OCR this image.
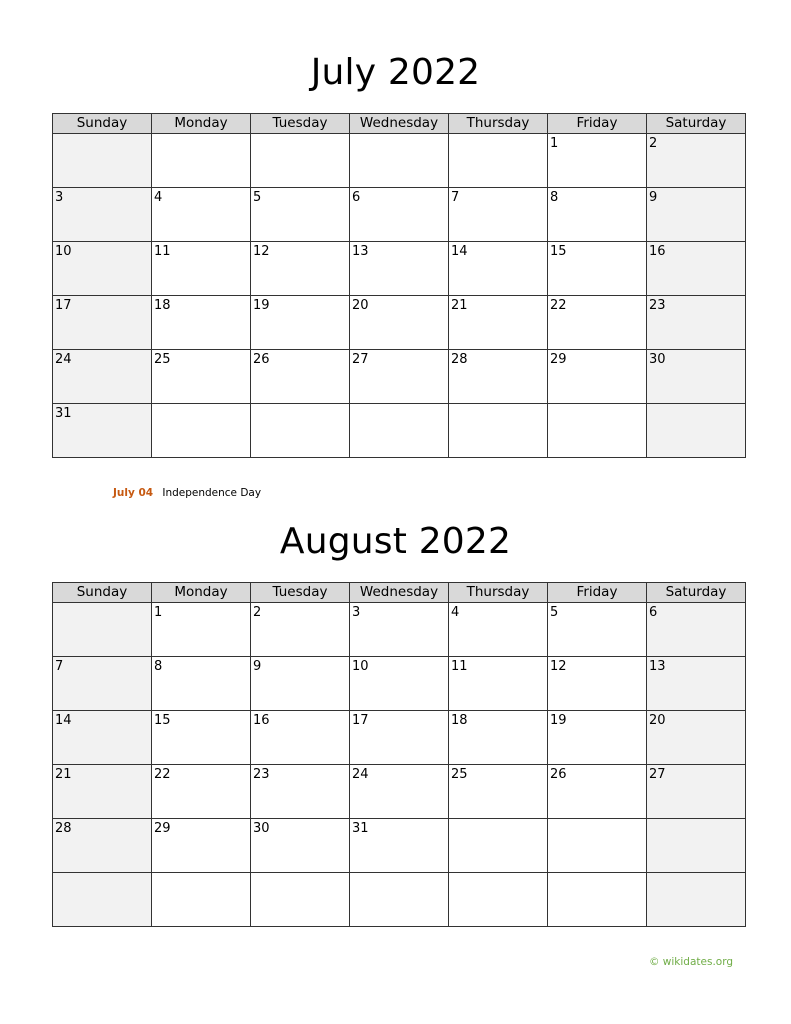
July 2022
Sunday	Monday	Tuesday	Wednesday	Thursday	Friday	Saturday
					1	2
3	4	5	6	7	8	9
10	11	12	13	14	15	16
17	18	19	20	21	22	23
24	25	26	27	28	29	30
31						
July 04 Independence Day
August 2022
Sunday	Monday	Tuesday	Wednesday	Thursday	Friday	Saturday
	1	2	3	4	5	6
7	8	9	10	11	12	13
14	15	16	17	18	19	20
21	22	23	24	25	26	27
28	29	30	31			

© wikidates.org
